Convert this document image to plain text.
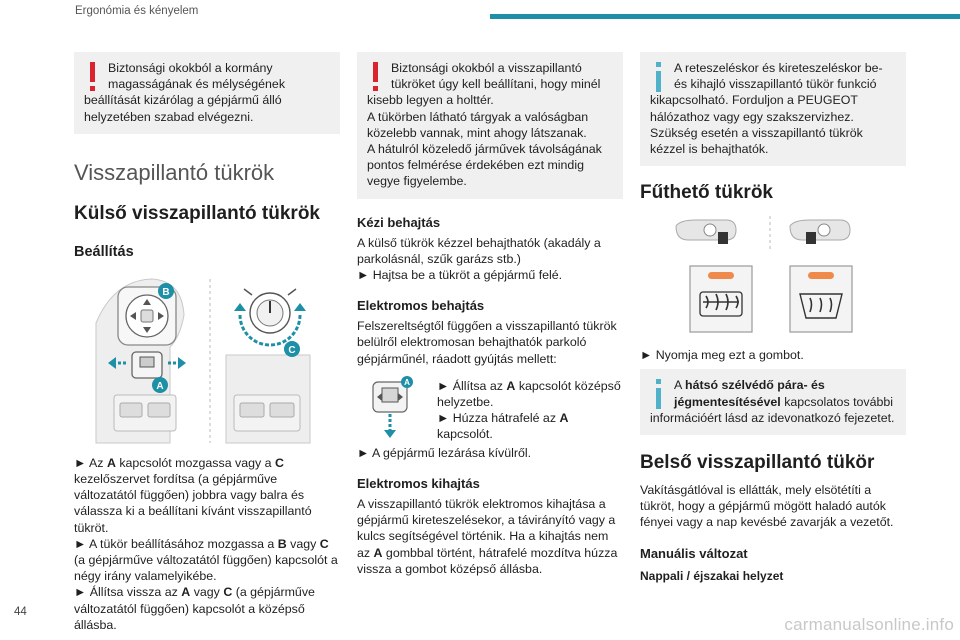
Ergonómia és kényelem
Biztonsági okokból a kormány magasságának és mélységének beállítását kizárólag a gépjármű álló helyzetében szabad elvégezni.
Visszapillantó tükrök
Külső visszapillantó tükrök
Beállítás
B
A
C
► Az A kapcsolót mozgassa vagy a C kezelőszervet fordítsa (a gépjárműve változatától függően) jobbra vagy balra és válassza ki a beállítani kívánt visszapillantó tükröt.
► A tükör beállításához mozgassa a B vagy C (a gépjárműve változatától függően) kapcsolót a négy irány valamelyikébe.
► Állítsa vissza az A vagy C (a gépjárműve változatától függően) kapcsolót a középső állásba.
Biztonsági okokból a visszapillantó tükröket úgy kell beállítani, hogy minél kisebb legyen a holttér.
A tükörben látható tárgyak a valóságban közelebb vannak, mint ahogy látszanak.
A hátulról közeledő járművek távolságának pontos felmérése érdekében ezt mindig vegye figyelembe.
Kézi behajtás
A külső tükrök kézzel behajthatók (akadály a parkolásnál, szűk garázs stb.)
► Hajtsa be a tükröt a gépjármű felé.
Elektromos behajtás
Felszereltségtől függően a visszapillantó tükrök belülről elektromosan behajthatók parkoló gépjárműnél, ráadott gyújtás mellett:
A ► Állítsa az A kapcsolót középső helyzetbe.
► Húzza hátrafelé az A kapcsolót.
► A gépjármű lezárása kívülről.
Elektromos kihajtás
A visszapillantó tükrök elektromos kihajtása a gépjármű kireteszelésekor, a távirányító vagy a kulcs segítségével történik. Ha a kihajtás nem az A gombbal történt, hátrafelé mozdítva húzza vissza a gombot középső állásba.
A reteszeléskor és kireteszeléskor be- és kihajló visszapillantó tükör funkció kikapcsolható. Forduljon a PEUGEOT hálózathoz vagy egy szakszervizhez.
Szükség esetén a visszapillantó tükrök kézzel is behajthatók.
Fűthető tükrök
► Nyomja meg ezt a gombot.
A hátsó szélvédő pára- és jégmentesítésével kapcsolatos további információért lásd az idevonatkozó fejezetet.
Belső visszapillantó tükör
Vakításgátlóval is ellátták, mely elsötétíti a tükröt, hogy a gépjármű mögött haladó autók fényei vagy a nap kevésbé zavarják a vezetőt.
Manuális változat
Nappali / éjszakai helyzet
44
carmanualsonline.info
